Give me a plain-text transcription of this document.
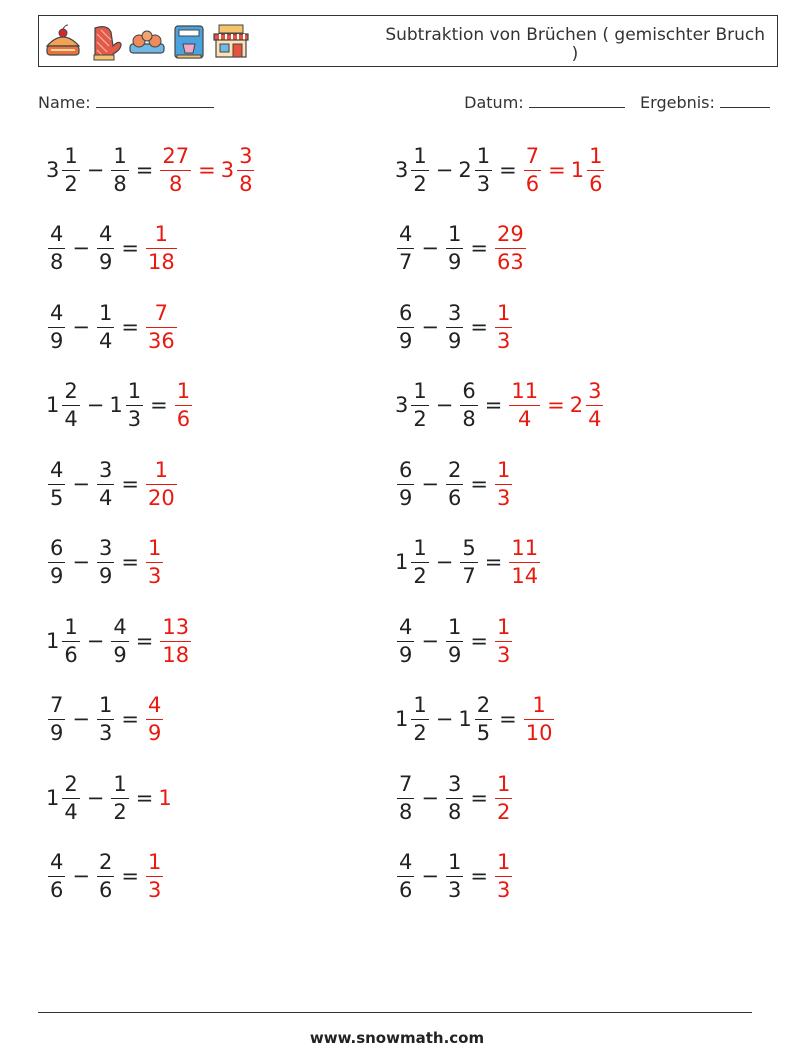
Subtraktion von Brüchen ( gemischter Bruch
)
Name:	Datum:	Ergebnis:
$3 \frac{1}{2} - \frac{1}{8} = \frac{27}{8} = 3 \frac{3}{8}$	$3 \frac{1}{2} - 2 \frac{1}{3} = \frac{7}{6} = 1 \frac{1}{6}$
$\frac{4}{8} - \frac{4}{9} = \frac{1}{18}$	$\frac{4}{7} - \frac{1}{9} = \frac{29}{63}$
$\frac{4}{9} - \frac{1}{4} = \frac{7}{36}$	$\frac{6}{9} - \frac{3}{9} = \frac{1}{3}$
$1 \frac{2}{4} - 1 \frac{1}{3} = \frac{1}{6}$	$3 \frac{1}{2} - \frac{6}{8} = \frac{11}{4} = 2 \frac{3}{4}$
$\frac{4}{5} - \frac{3}{4} = \frac{1}{20}$	$\frac{6}{9} - \frac{2}{6} = \frac{1}{3}$
$\frac{6}{9} - \frac{3}{9} = \frac{1}{3}$	$1 \frac{1}{2} - \frac{5}{7} = \frac{11}{14}$
$1 \frac{1}{6} - \frac{4}{9} = \frac{13}{18}$	$\frac{4}{9} - \frac{1}{9} = \frac{1}{3}$
$\frac{7}{9} - \frac{1}{3} = \frac{4}{9}$	$1 \frac{1}{2} - 1 \frac{2}{5} = \frac{1}{10}$
$1 \frac{2}{4} - \frac{1}{2} = 1$	$\frac{7}{8} - \frac{3}{8} = \frac{1}{2}$
$\frac{4}{6} - \frac{2}{6} = \frac{1}{3}$	$\frac{4}{6} - \frac{1}{3} = \frac{1}{3}$
www.snowmath.com
